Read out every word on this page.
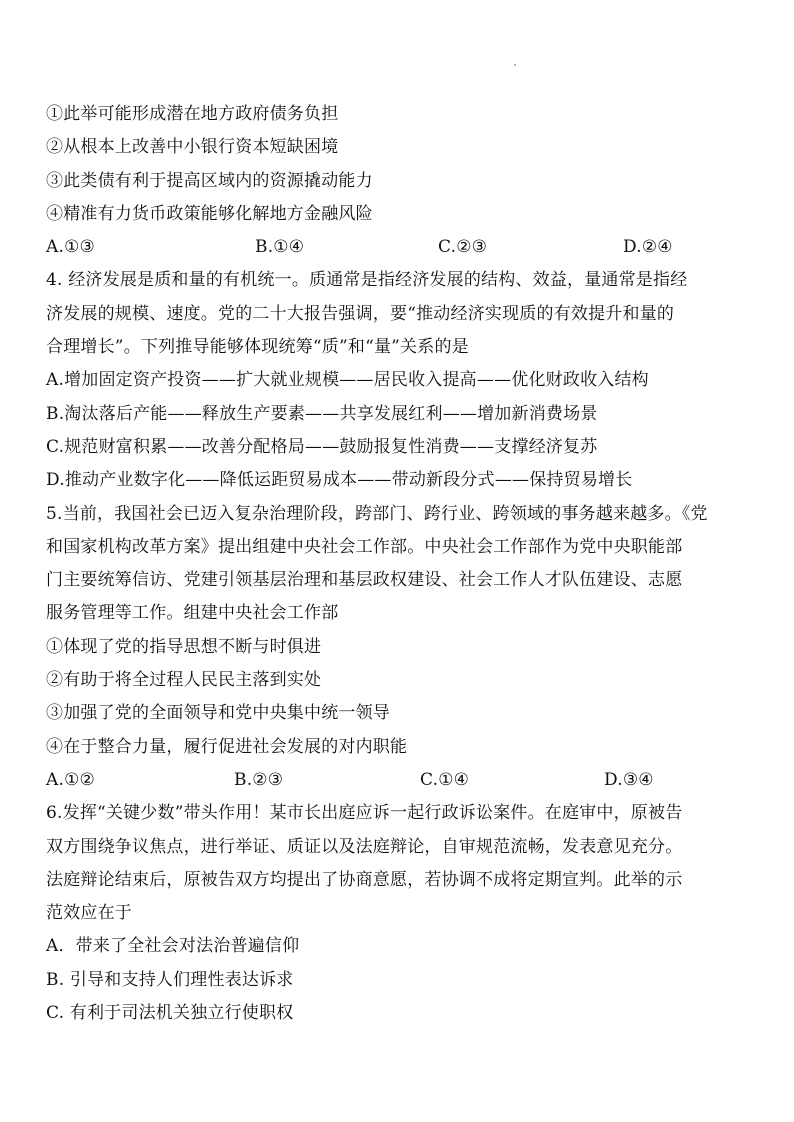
①此举可能形成潜在地方政府债务负担
②从根本上改善中小银行资本短缺困境
③此类债有利于提高区域内的资源撬动能力
④精准有力货币政策能够化解地方金融风险
A.①③	B.①④	C.②③	D.②④
4. 经济发展是质和量的有机统一。质通常是指经济发展的结构、效益，量通常是指经
济发展的规模、速度。党的二十大报告强调，要“推动经济实现质的有效提升和量的
合理增长”。下列推导能够体现统筹“质”和“量”关系的是
A.增加固定资产投资——扩大就业规模——居民收入提高——优化财政收入结构
B.淘汰落后产能——释放生产要素——共享发展红利——增加新消费场景
C.规范财富积累——改善分配格局——鼓励报复性消费——支撑经济复苏
D.推动产业数字化——降低运距贸易成本——带动新段分式——保持贸易增长
5.当前，我国社会已迈入复杂治理阶段，跨部门、跨行业、跨领域的事务越来越多。《党
和国家机构改革方案》提出组建中央社会工作部。中央社会工作部作为党中央职能部
门主要统筹信访、党建引领基层治理和基层政权建设、社会工作人才队伍建设、志愿
服务管理等工作。组建中央社会工作部
①体现了党的指导思想不断与时俱进
②有助于将全过程人民民主落到实处
③加强了党的全面领导和党中央集中统一领导
④在于整合力量，履行促进社会发展的对内职能
A.①②	B.②③	C.①④	D.③④
6.发挥“关键少数”带头作用！某市长出庭应诉一起行政诉讼案件。在庭审中，原被告
双方围绕争议焦点，进行举证、质证以及法庭辩论，自审规范流畅，发表意见充分。
法庭辩论结束后，原被告双方均提出了协商意愿，若协调不成将定期宣判。此举的示
范效应在于
A．带来了全社会对法治普遍信仰
B. 引导和支持人们理性表达诉求
C. 有利于司法机关独立行使职权
